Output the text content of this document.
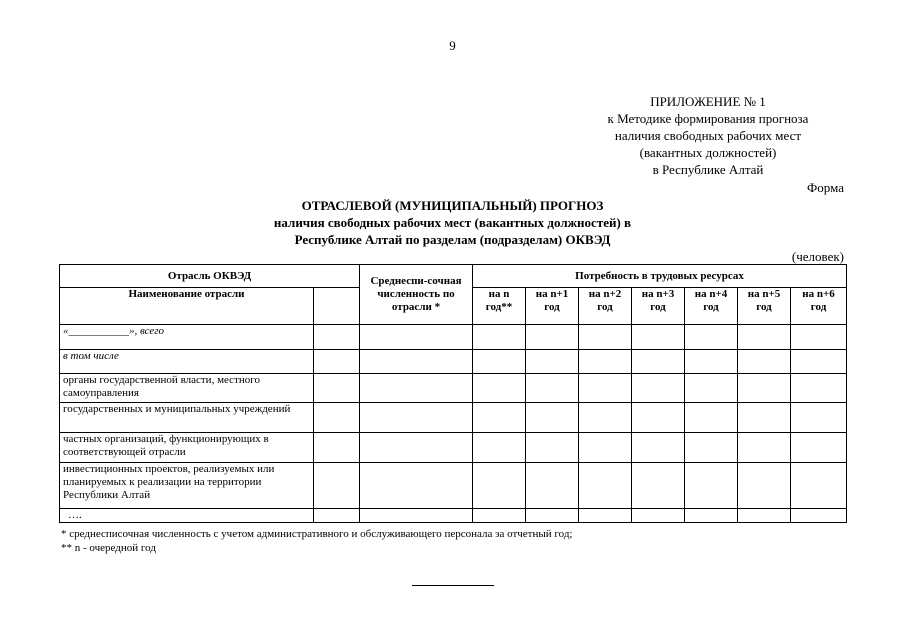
9
ПРИЛОЖЕНИЕ № 1
к Методике формирования прогноза
наличия свободных рабочих мест
(вакантных должностей)
в Республике Алтай
Форма
ОТРАСЛЕВОЙ (МУНИЦИПАЛЬНЫЙ) ПРОГНОЗ
наличия свободных рабочих мест (вакантных должностей) в
Республике Алтай по разделам (подразделам) ОКВЭД
(человек)
Отрасль ОКВЭД		Среднеспи-сочная численность по отрасли *	Потребность в трудовых ресурсах						
Наименование отрасли			на n год**	на n+1 год	на n+2 год	на n+3 год	на n+4 год	на n+5 год	на n+6 год
«___________», всего									
в том числе									
органы государственной власти, местного самоуправления									
государственных и муниципальных учреждений									
частных организаций, функционирующих в соответствующей отрасли									
инвестиционных проектов, реализуемых или планируемых к реализации на территории Республики Алтай									
….									
* среднесписочная численность с учетом административного и обслуживающего персонала за отчетный год;
** n - очередной год
